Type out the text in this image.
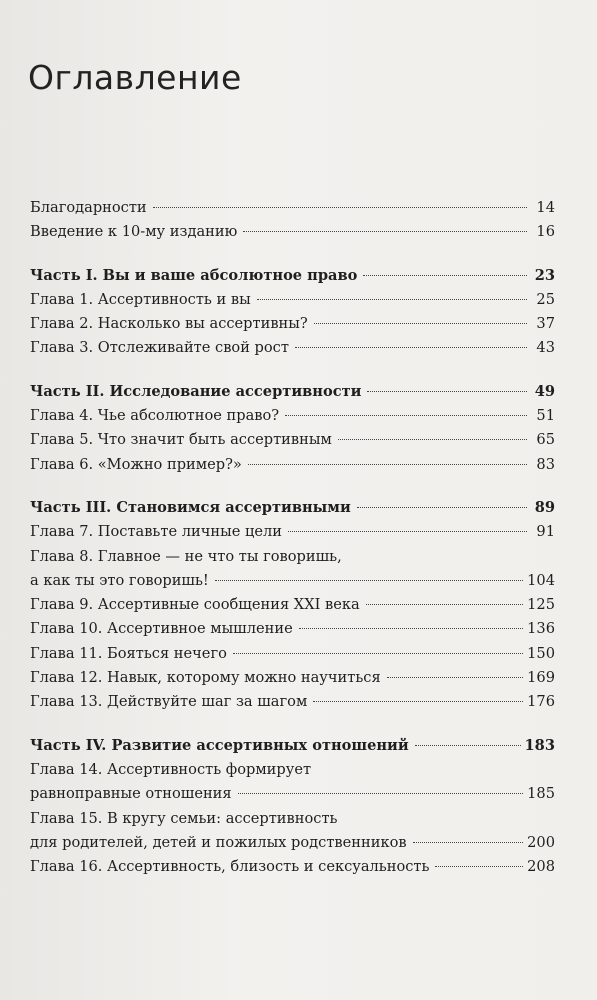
Оглавление
Благодарности	14
Введение к 10-му изданию	16
Часть I. Вы и ваше абсолютное право	23
Глава 1. Ассертивность и вы	25
Глава 2. Насколько вы ассертивны?	37
Глава 3. Отслеживайте свой рост	43
Часть II. Исследование ассертивности	49
Глава 4. Чье абсолютное право?	51
Глава 5. Что значит быть ассертивным	65
Глава 6. «Можно пример?»	83
Часть III. Становимся ассертивными	89
Глава 7. Поставьте личные цели	91
Глава 8. Главное — не что ты говоришь,
а как ты это говоришь!	104
Глава 9. Ассертивные сообщения XXI века	125
Глава 10. Ассертивное мышление	136
Глава 11. Бояться нечего	150
Глава 12. Навык, которому можно научиться	169
Глава 13. Действуйте шаг за шагом	176
Часть IV. Развитие ассертивных отношений	183
Глава 14. Ассертивность формирует
равноправные отношения	185
Глава 15. В кругу семьи: ассертивность
для родителей, детей и пожилых родственников	200
Глава 16. Ассертивность, близость и сексуальность	208
